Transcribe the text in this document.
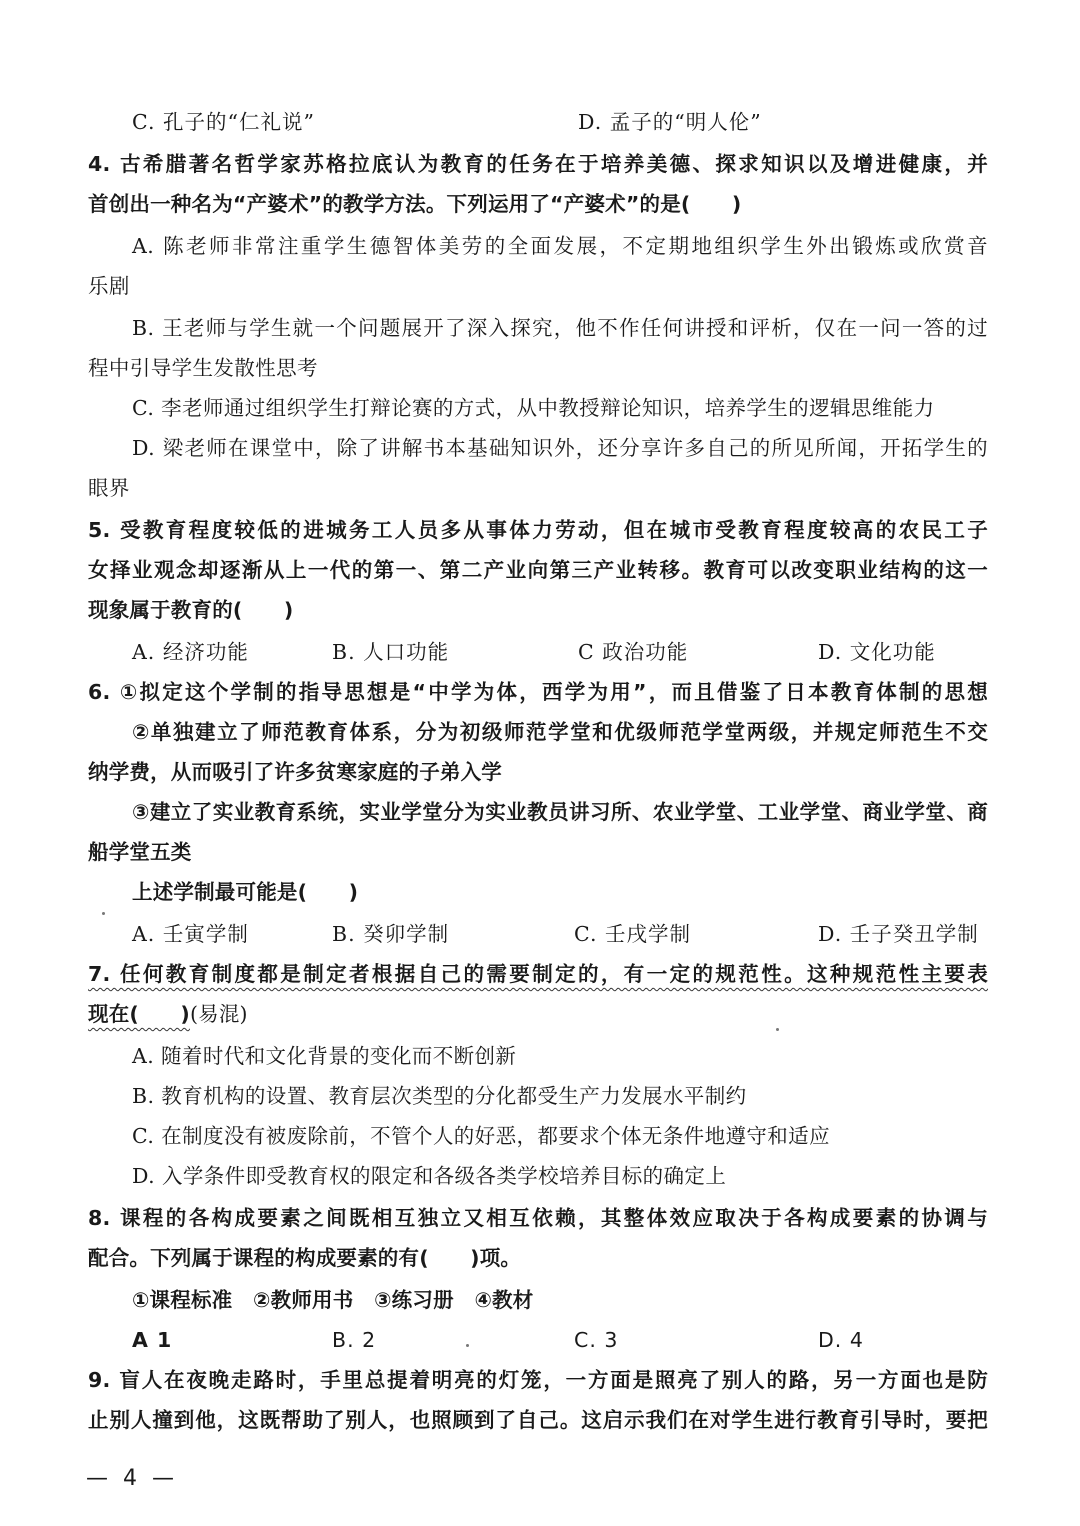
C. 孔子的“仁礼说”	D. 孟子的“明人伦”
4. 古希腊著名哲学家苏格拉底认为教育的任务在于培养美德、探求知识以及增进健康，并
首创出一种名为“产婆术”的教学方法。下列运用了“产婆术”的是(　　)
A. 陈老师非常注重学生德智体美劳的全面发展，不定期地组织学生外出锻炼或欣赏音
乐剧
B. 王老师与学生就一个问题展开了深入探究，他不作任何讲授和评析，仅在一问一答的过
程中引导学生发散性思考
C. 李老师通过组织学生打辩论赛的方式，从中教授辩论知识，培养学生的逻辑思维能力
D. 梁老师在课堂中，除了讲解书本基础知识外，还分享许多自己的所见所闻，开拓学生的
眼界
5. 受教育程度较低的进城务工人员多从事体力劳动，但在城市受教育程度较高的农民工子
女择业观念却逐渐从上一代的第一、第二产业向第三产业转移。教育可以改变职业结构的这一
现象属于教育的(　　)
A. 经济功能	B. 人口功能	C 政治功能	D. 文化功能
6. ①拟定这个学制的指导思想是“中学为体，西学为用”，而且借鉴了日本教育体制的思想
②单独建立了师范教育体系，分为初级师范学堂和优级师范学堂两级，并规定师范生不交
纳学费，从而吸引了许多贫寒家庭的子弟入学
③建立了实业教育系统，实业学堂分为实业教员讲习所、农业学堂、工业学堂、商业学堂、商
船学堂五类
上述学制最可能是(　　)
A. 壬寅学制	B. 癸卯学制	C. 壬戌学制	D. 壬子癸丑学制
7. 任何教育制度都是制定者根据自己的需要制定的，有一定的规范性。这种规范性主要表
现在(　　)(易混)
A. 随着时代和文化背景的变化而不断创新
B. 教育机构的设置、教育层次类型的分化都受生产力发展水平制约
C. 在制度没有被废除前，不管个人的好恶，都要求个体无条件地遵守和适应
D. 入学条件即受教育权的限定和各级各类学校培养目标的确定上
8. 课程的各构成要素之间既相互独立又相互依赖，其整体效应取决于各构成要素的协调与
配合。下列属于课程的构成要素的有(　　)项。
①课程标准　②教师用书　③练习册　④教材
A 1	B. 2	C. 3	D. 4
9. 盲人在夜晚走路时，手里总提着明亮的灯笼，一方面是照亮了别人的路，另一方面也是防
止别人撞到他，这既帮助了别人，也照顾到了自己。这启示我们在对学生进行教育引导时，要把
— 4 —
